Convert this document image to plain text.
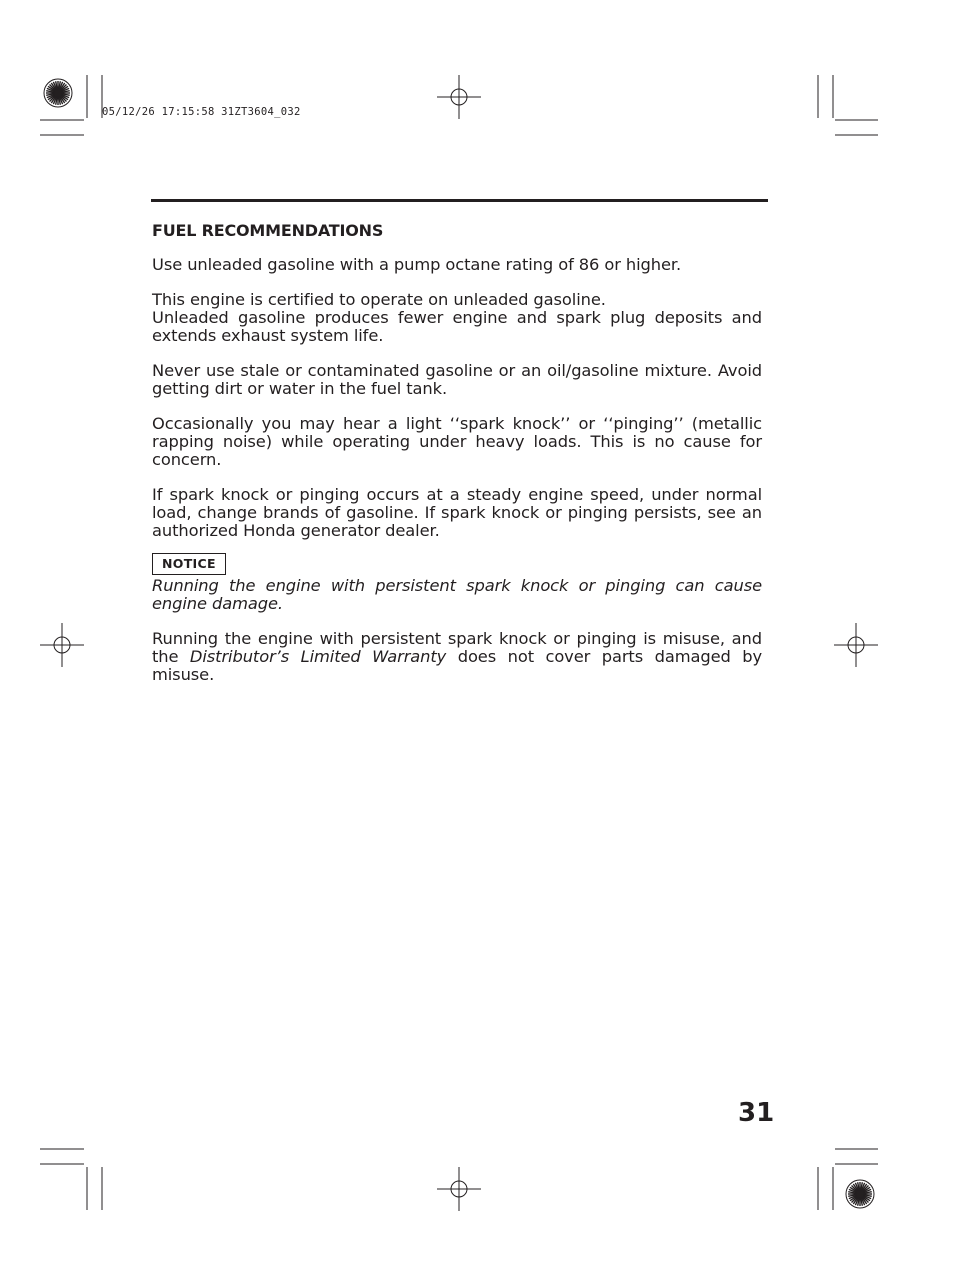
05/12/26 17:15:58 31ZT3604_032
FUEL RECOMMENDATIONS

Use unleaded gasoline with a pump octane rating of 86 or higher.

This engine is certified to operate on unleaded gasoline.

Unleaded gasoline produces fewer engine and spark plug deposits and extends exhaust system life.

Never use stale or contaminated gasoline or an oil/gasoline mixture. Avoid getting dirt or water in the fuel tank.

Occasionally you may hear a light ‘‘spark knock’’ or ‘‘pinging’’ (metallic rapping noise) while operating under heavy loads. This is no cause for concern.

If spark knock or pinging occurs at a steady engine speed, under normal load, change brands of gasoline. If spark knock or pinging persists, see an authorized Honda generator dealer.

NOTICE

Running the engine with persistent spark knock or pinging can cause engine damage.

Running the engine with persistent spark knock or pinging is misuse, and the Distributor’s Limited Warranty does not cover parts damaged by misuse.

31
